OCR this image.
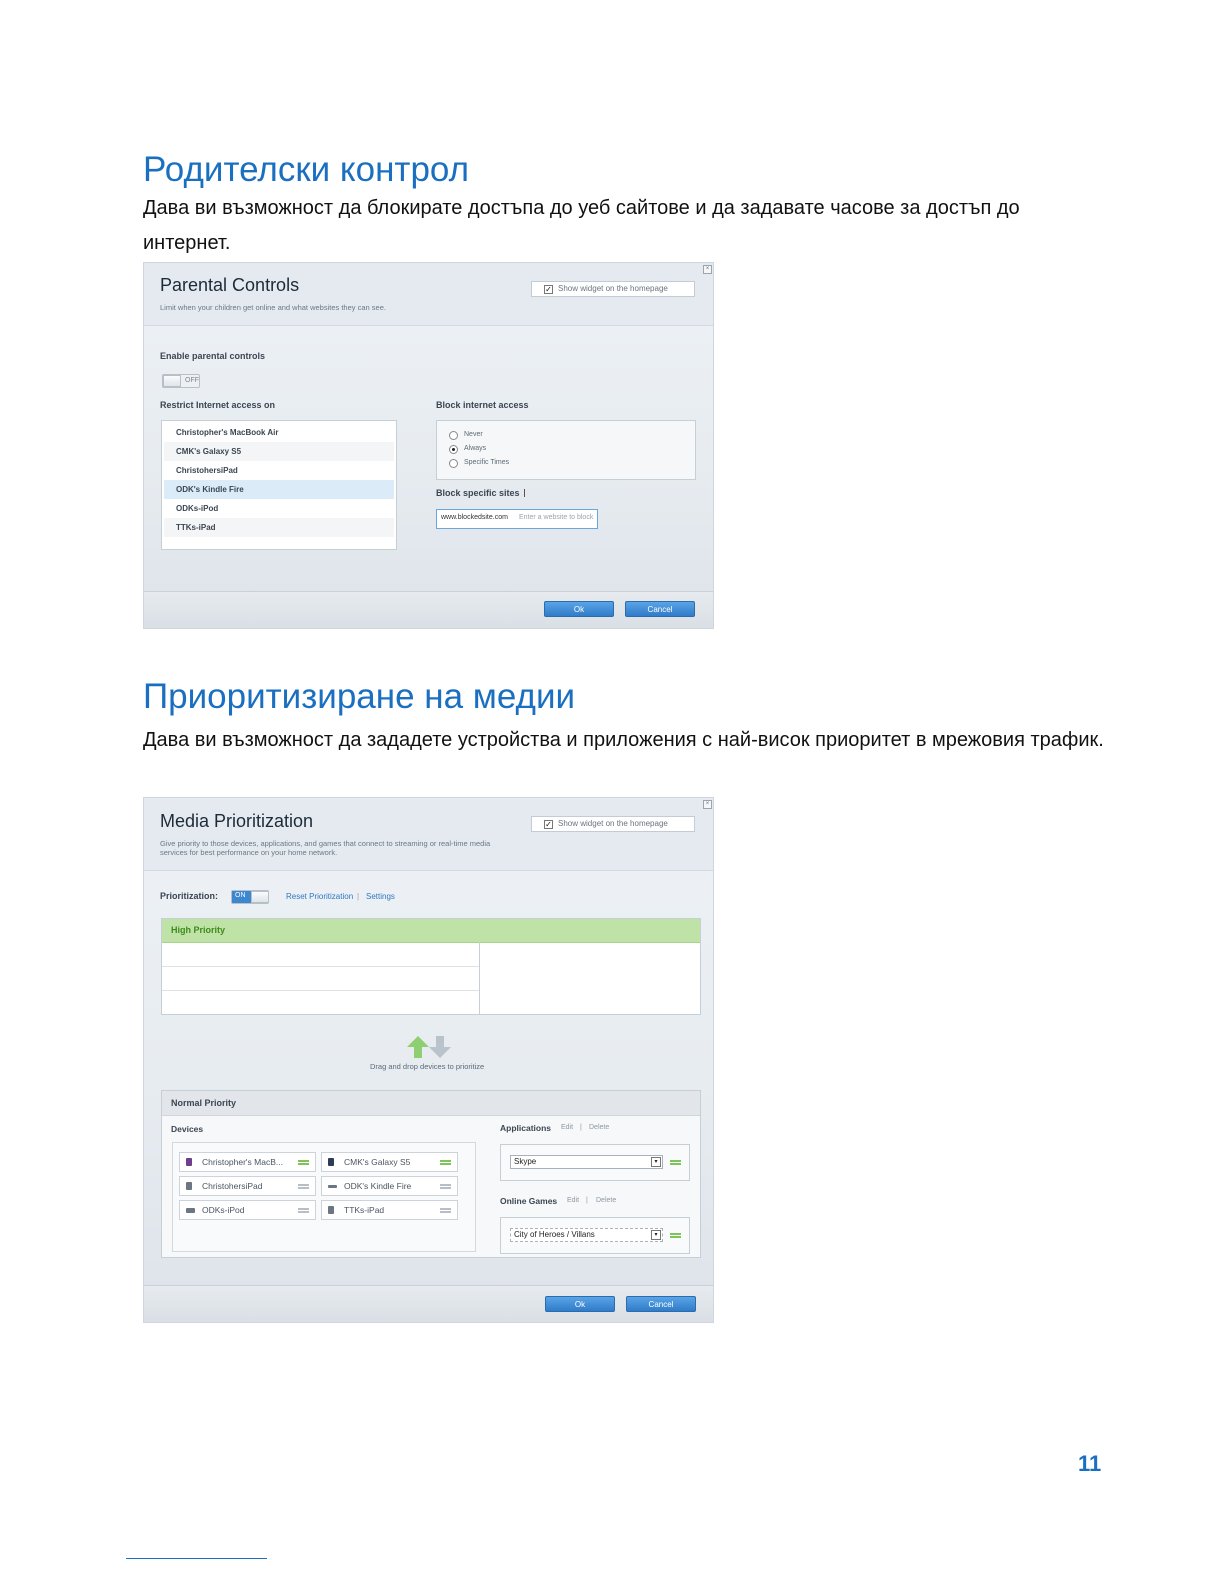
Родителски контрол
Дава ви възможност да блокирате достъпа до уеб сайтове и да задавате часове за достъп до интернет.
Parental Controls
Limit when your children get online and what websites they can see.
×
✓ Show widget on the homepage
Enable parental controls
OFF
Restrict Internet access on
Christopher's MacBook Air
CMK's Galaxy S5
ChristohersiPad
ODK's Kindle Fire
ODKs-iPod
TTKs-iPad
Block internet access
Never
Always
Specific Times
Block specific sites
www.blockedsite.com Enter a website to block
Ok	Cancel
Приоритизиране на медии
Дава ви възможност да зададете устройства и приложения с най-висок приоритет в мрежовия трафик.
Media Prioritization
Give priority to those devices, applications, and games that connect to streaming or real-time media services for best performance on your home network.
×
✓ Show widget on the homepage
Prioritization:	ON	Reset Prioritization | Settings
High Priority
Drag and drop devices to prioritize
Normal Priority
Devices
Christopher's MacB...	CMK's Galaxy S5
ChristohersiPad	ODK's Kindle Fire
ODKs-iPod	TTKs-iPad
Applications Edit | Delete
Skype	▾
Online Games Edit | Delete
City of Heroes / Villans	▾
Ok	Cancel
11
